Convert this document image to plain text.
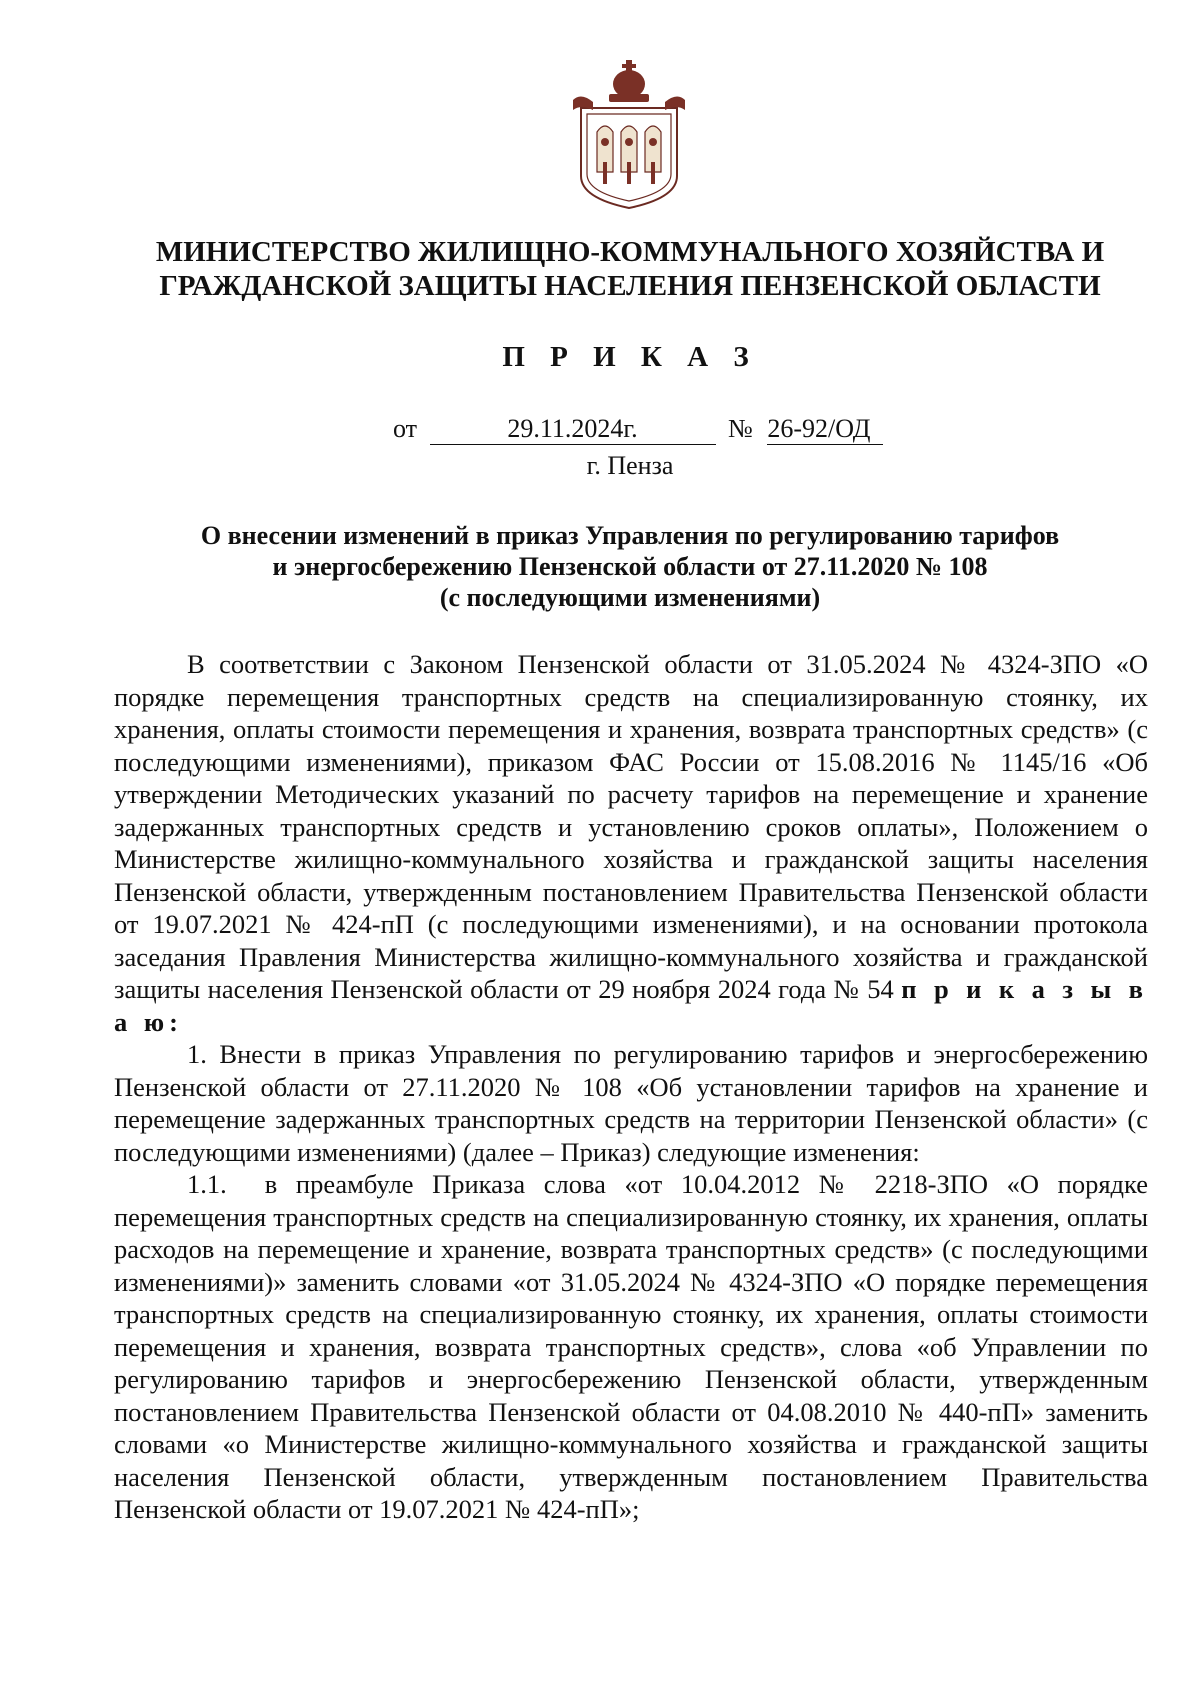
МИНИСТЕРСТВО ЖИЛИЩНО-КОММУНАЛЬНОГО ХОЗЯЙСТВА И
ГРАЖДАНСКОЙ ЗАЩИТЫ НАСЕЛЕНИЯ ПЕНЗЕНСКОЙ ОБЛАСТИ
П Р И К А З
от	29.11.2024г.	№ 26-92/ОД
г. Пенза
О внесении изменений в приказ Управления по регулированию тарифов
и энергосбережению Пензенской области от 27.11.2020 № 108
(с последующими изменениями)

В соответствии с Законом Пензенской области от 31.05.2024 № 4324-ЗПО «О порядке перемещения транспортных средств на специализированную стоянку, их хранения, оплаты стоимости перемещения и хранения, возврата транспортных средств» (с последующими изменениями), приказом ФАС России от 15.08.2016 № 1145/16 «Об утверждении Методических указаний по расчету тарифов на перемещение и хранение задержанных транспортных средств и установлению сроков оплаты», Положением о Министерстве жилищно-коммунального хозяйства и гражданской защиты населения Пензенской области, утвержденным постановлением Правительства Пензенской области от 19.07.2021 № 424-пП (с последующими изменениями), и на основании протокола заседания Правления Министерства жилищно-коммунального хозяйства и гражданской защиты населения Пензенской области от 29 ноября 2024 года № 54 п р и к а з ы в а ю:

1. Внести в приказ Управления по регулированию тарифов и энергосбережению Пензенской области от 27.11.2020 № 108 «Об установлении тарифов на хранение и перемещение задержанных транспортных средств на территории Пензенской области» (с последующими изменениями) (далее – Приказ) следующие изменения:

1.1. в преамбуле Приказа слова «от 10.04.2012 № 2218-ЗПО «О порядке перемещения транспортных средств на специализированную стоянку, их хранения, оплаты расходов на перемещение и хранение, возврата транспортных средств» (с последующими изменениями)» заменить словами «от 31.05.2024 № 4324-ЗПО «О порядке перемещения транспортных средств на специализированную стоянку, их хранения, оплаты стоимости перемещения и хранения, возврата транспортных средств», слова «об Управлении по регулированию тарифов и энергосбережению Пензенской области, утвержденным постановлением Правительства Пензенской области от 04.08.2010 № 440-пП» заменить словами «о Министерстве жилищно-коммунального хозяйства и гражданской защиты населения Пензенской области, утвержденным постановлением Правительства Пензенской области от 19.07.2021 № 424-пП»;
